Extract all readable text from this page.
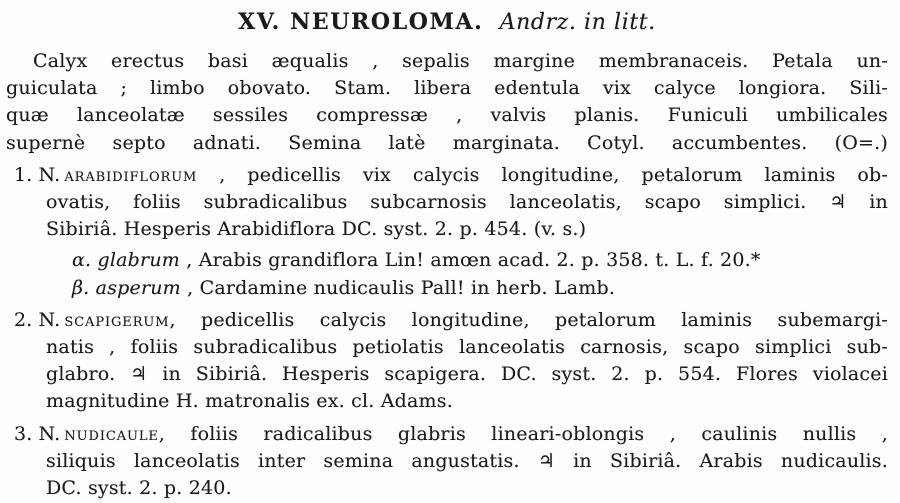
XV. NEUROLOMA. Andrz. in litt.
Calyx erectus basi æqualis , sepalis margine membranaceis. Petala un-
guiculata ; limbo obovato. Stam. libera edentula vix calyce longiora. Sili-
quæ lanceolatæ sessiles compressæ , valvis planis. Funiculi umbilicales
supernè septo adnati. Semina latè marginata. Cotyl. accumbentes. (O=.)
1. N. arabidiflorum , pedicellis vix calycis longitudine, petalorum laminis ob-
ovatis, foliis subradicalibus subcarnosis lanceolatis, scapo simplici. ♃ in
Sibiriâ. Hesperis Arabidiflora DC. syst. 2. p. 454. (v. s.)
α. glabrum , Arabis grandiflora Lin! amœn acad. 2. p. 358. t. L. f. 20.*
β. asperum , Cardamine nudicaulis Pall! in herb. Lamb.
2. N. scapigerum, pedicellis calycis longitudine, petalorum laminis subemargi-
natis , foliis subradicalibus petiolatis lanceolatis carnosis, scapo simplici sub-
glabro. ♃ in Sibiriâ. Hesperis scapigera. DC. syst. 2. p. 554. Flores violacei
magnitudine H. matronalis ex. cl. Adams.
3. N. nudicaule, foliis radicalibus glabris lineari-oblongis , caulinis nullis ,
siliquis lanceolatis inter semina angustatis. ♃ in Sibiriâ. Arabis nudicaulis.
DC. syst. 2. p. 240.
